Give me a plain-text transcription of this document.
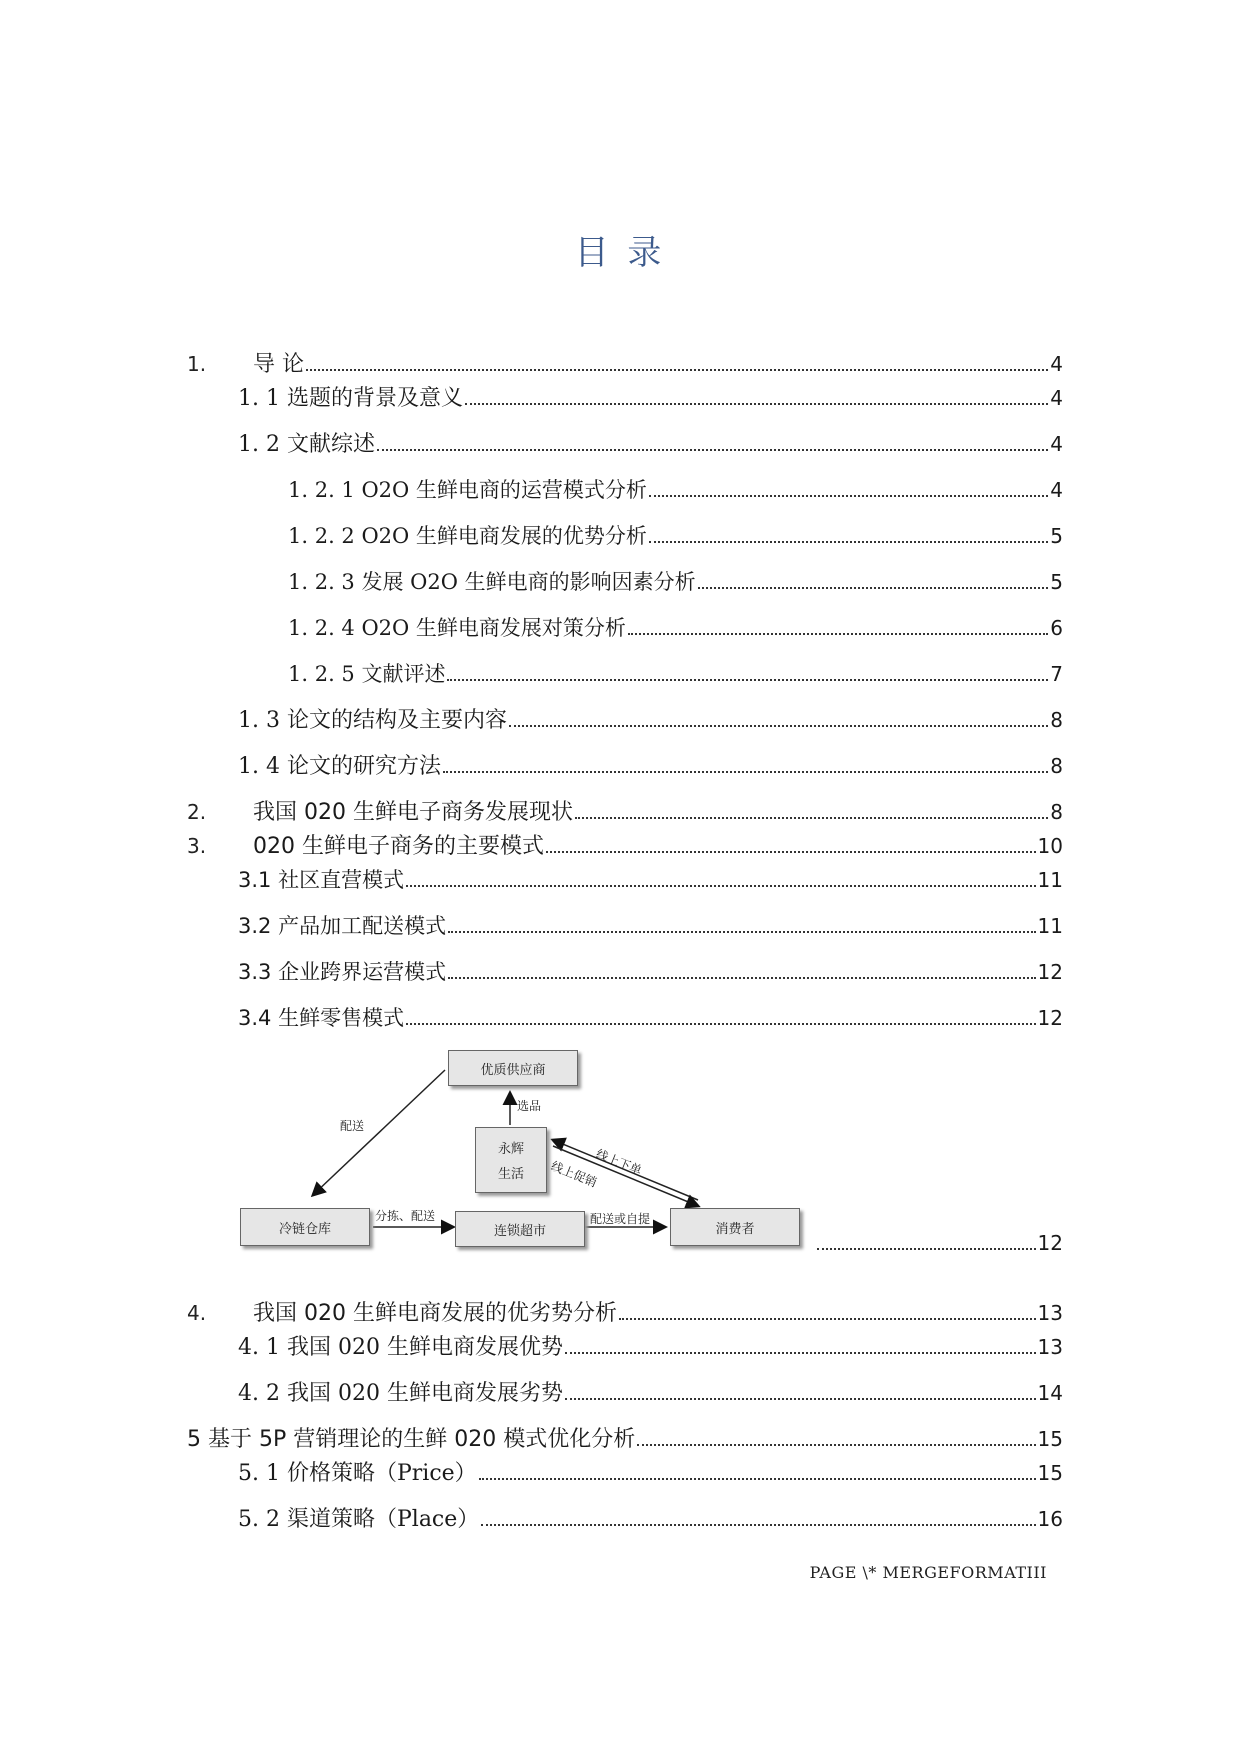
目 录
1.	导 论	4
1. 1 选题的背景及意义	4
1. 2 文献综述	4
1. 2. 1 O2O 生鲜电商的运营模式分析	4
1. 2. 2 O2O 生鲜电商发展的优势分析	5
1. 2. 3 发展 O2O 生鲜电商的影响因素分析	5
1. 2. 4 O2O 生鲜电商发展对策分析	6
1. 2. 5 文献评述	7
1. 3 论文的结构及主要内容	8
1. 4 论文的研究方法	8
2.	我国 020 生鲜电子商务发展现状	8
3.	020 生鲜电子商务的主要模式	10
3.1 社区直营模式	11
3.2 产品加工配送模式	11
3.3 企业跨界运营模式	12
3.4 生鲜零售模式	12
12
4.	我国 020 生鲜电商发展的优劣势分析	13
4. 1 我国 020 生鲜电商发展优势	13
4. 2 我国 020 生鲜电商发展劣势	14
5 基于 5P 营销理论的生鲜 020 模式优化分析	15
5. 1 价格策略（Price）	15
5. 2 渠道策略（Place）	16
优质供应商
永辉
生活
冷链仓库	连锁超市	消费者
配送
选品
线上下单
线上促销
分拣、配送	配送或自提
PAGE \* MERGEFORMATIII
